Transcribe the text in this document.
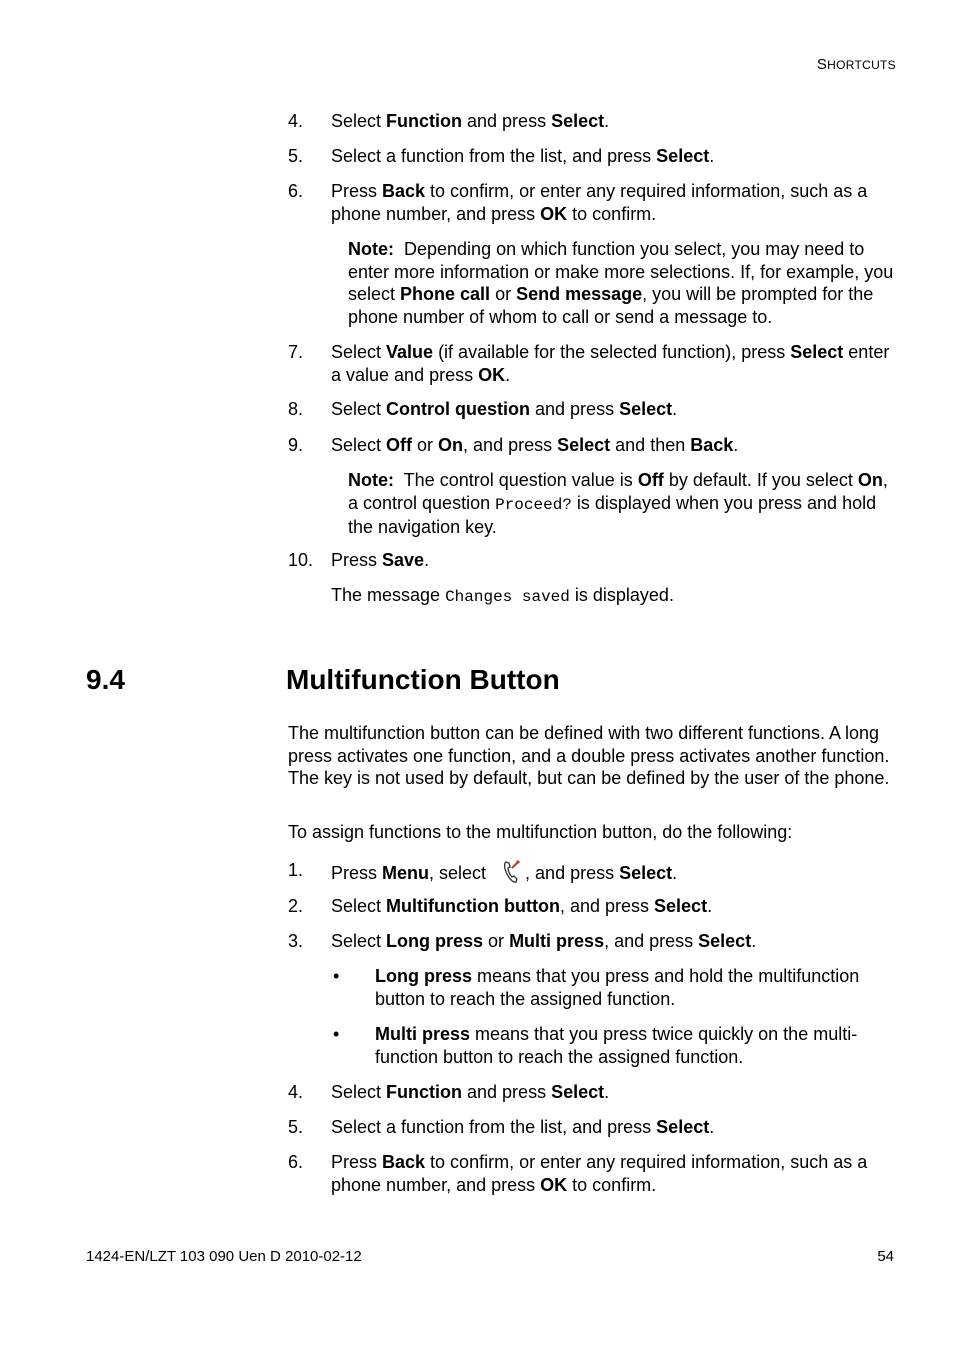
SHORTCUTS
4. Select Function and press Select.
5. Select a function from the list, and press Select.
6. Press Back to confirm, or enter any required information, such as a phone number, and press OK to confirm.
Note:  Depending on which function you select, you may need to enter more information or make more selections. If, for example, you select Phone call or Send message, you will be prompted for the phone number of whom to call or send a message to.
7. Select Value (if available for the selected function), press Select enter a value and press OK.
8. Select Control question and press Select.
9. Select Off or On, and press Select and then Back.
Note:  The control question value is Off by default. If you select On, a control question Proceed? is displayed when you press and hold the navigation key.
10. Press Save.
The message Changes saved is displayed.
9.4	Multifunction Button
The multifunction button can be defined with two different functions. A long press activates one function, and a double press activates another function. The key is not used by default, but can be defined by the user of the phone.
To assign functions to the multifunction button, do the following:
1. Press Menu, select , and press Select.
2. Select Multifunction button, and press Select.
3. Select Long press or Multi press, and press Select.
• Long press means that you press and hold the multifunction button to reach the assigned function.
• Multi press means that you press twice quickly on the multi-function button to reach the assigned function.
4. Select Function and press Select.
5. Select a function from the list, and press Select.
6. Press Back to confirm, or enter any required information, such as a phone number, and press OK to confirm.
1424-EN/LZT 103 090 Uen D 2010-02-12	54
